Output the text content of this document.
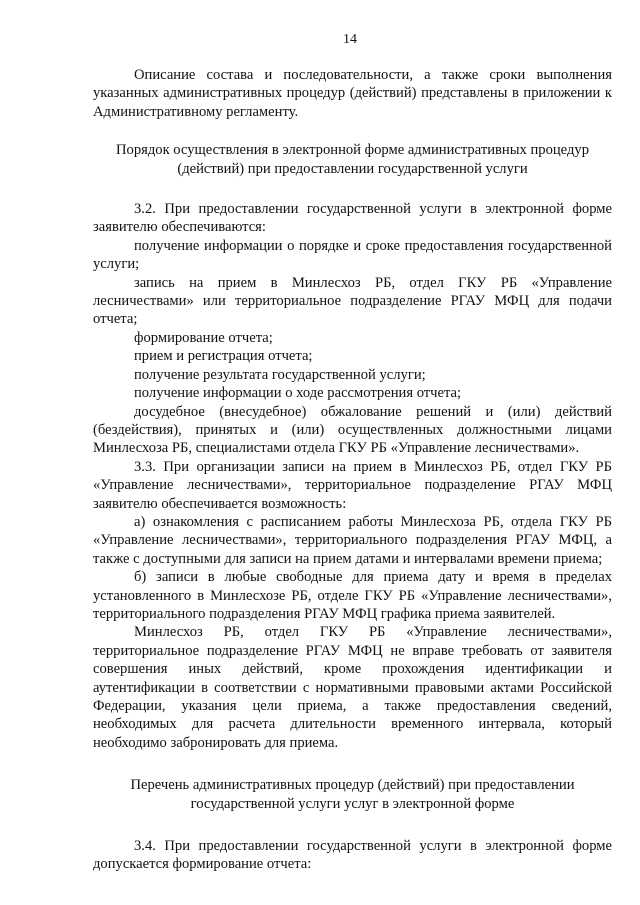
14

Описание состава и последовательности, а также сроки выполнения указанных административных процедур (действий) представлены в приложении к Административному регламенту.

Порядок осуществления в электронной форме административных процедур (действий) при предоставлении государственной услуги

3.2. При предоставлении государственной услуги в электронной форме заявителю обеспечиваются:

получение информации о порядке и сроке предоставления государственной услуги;

запись на прием в Минлесхоз РБ, отдел ГКУ РБ «Управление лесничествами» или территориальное подразделение РГАУ МФЦ для подачи отчета;

формирование отчета;

прием и регистрация отчета;

получение результата государственной услуги;

получение информации о ходе рассмотрения отчета;

досудебное (внесудебное) обжалование решений и (или) действий (бездействия), принятых и (или) осуществленных должностными лицами Минлесхоза РБ, специалистами отдела ГКУ РБ «Управление лесничествами».

3.3. При организации записи на прием в Минлесхоз РБ, отдел ГКУ РБ «Управление лесничествами», территориальное подразделение РГАУ МФЦ заявителю обеспечивается возможность:

а) ознакомления с расписанием работы Минлесхоза РБ, отдела ГКУ РБ «Управление лесничествами», территориального подразделения РГАУ МФЦ, а также с доступными для записи на прием датами и интервалами времени приема;

б) записи в любые свободные для приема дату и время в пределах установленного в Минлесхозе РБ, отделе ГКУ РБ «Управление лесничествами», территориального подразделения РГАУ МФЦ графика приема заявителей.

Минлесхоз РБ, отдел ГКУ РБ «Управление лесничествами», территориальное подразделение РГАУ МФЦ не вправе требовать от заявителя совершения иных действий, кроме прохождения идентификации и аутентификации в соответствии с нормативными правовыми актами Российской Федерации, указания цели приема, а также предоставления сведений, необходимых для расчета длительности временного интервала, который необходимо забронировать для приема.

Перечень административных процедур (действий) при предоставлении государственной услуги услуг в электронной форме

3.4. При предоставлении государственной услуги в электронной форме допускается формирование отчета:
